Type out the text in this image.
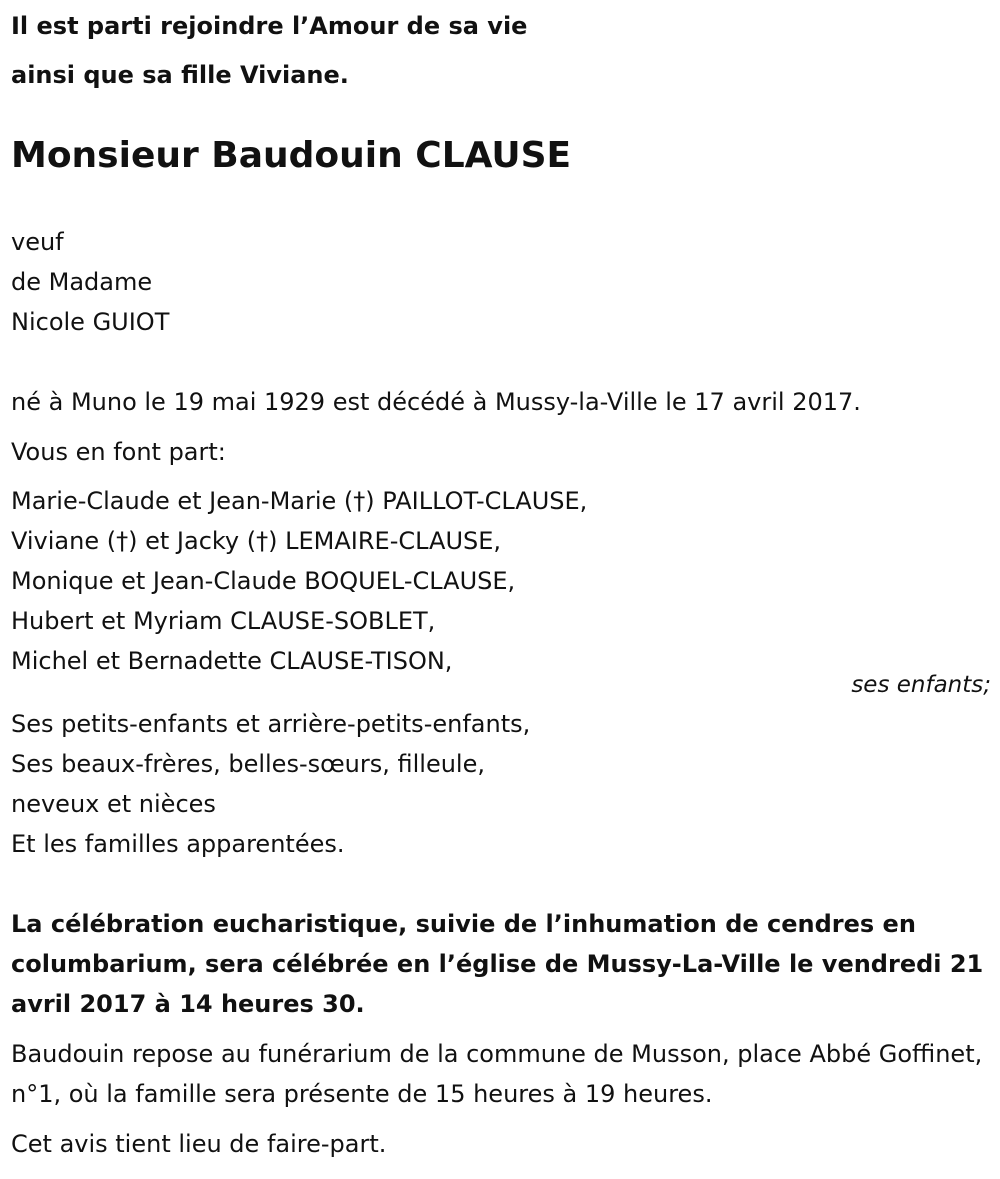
Il est parti rejoindre l’Amour de sa vie
ainsi que sa fille Viviane.
Monsieur Baudouin CLAUSE
veuf
de Madame
Nicole GUIOT
né à Muno le 19 mai 1929 est décédé à Mussy-la-Ville le 17 avril 2017.
Vous en font part:
Marie-Claude et Jean-Marie (†) PAILLOT-CLAUSE,
Viviane (†) et Jacky (†) LEMAIRE-CLAUSE,
Monique et Jean-Claude BOQUEL-CLAUSE,
Hubert et Myriam CLAUSE-SOBLET,
Michel et Bernadette CLAUSE-TISON,
ses enfants;
Ses petits-enfants et arrière-petits-enfants,
Ses beaux-frères, belles-sœurs, filleule,
neveux et nièces
Et les familles apparentées.
La célébration eucharistique, suivie de l’inhumation de cendres en columbarium, sera célébrée en l’église de Mussy-La-Ville le vendredi 21 avril 2017 à 14 heures 30.
Baudouin repose au funérarium de la commune de Musson, place Abbé Goffinet, n°1, où la famille sera présente de 15 heures à 19 heures.
Cet avis tient lieu de faire-part.
